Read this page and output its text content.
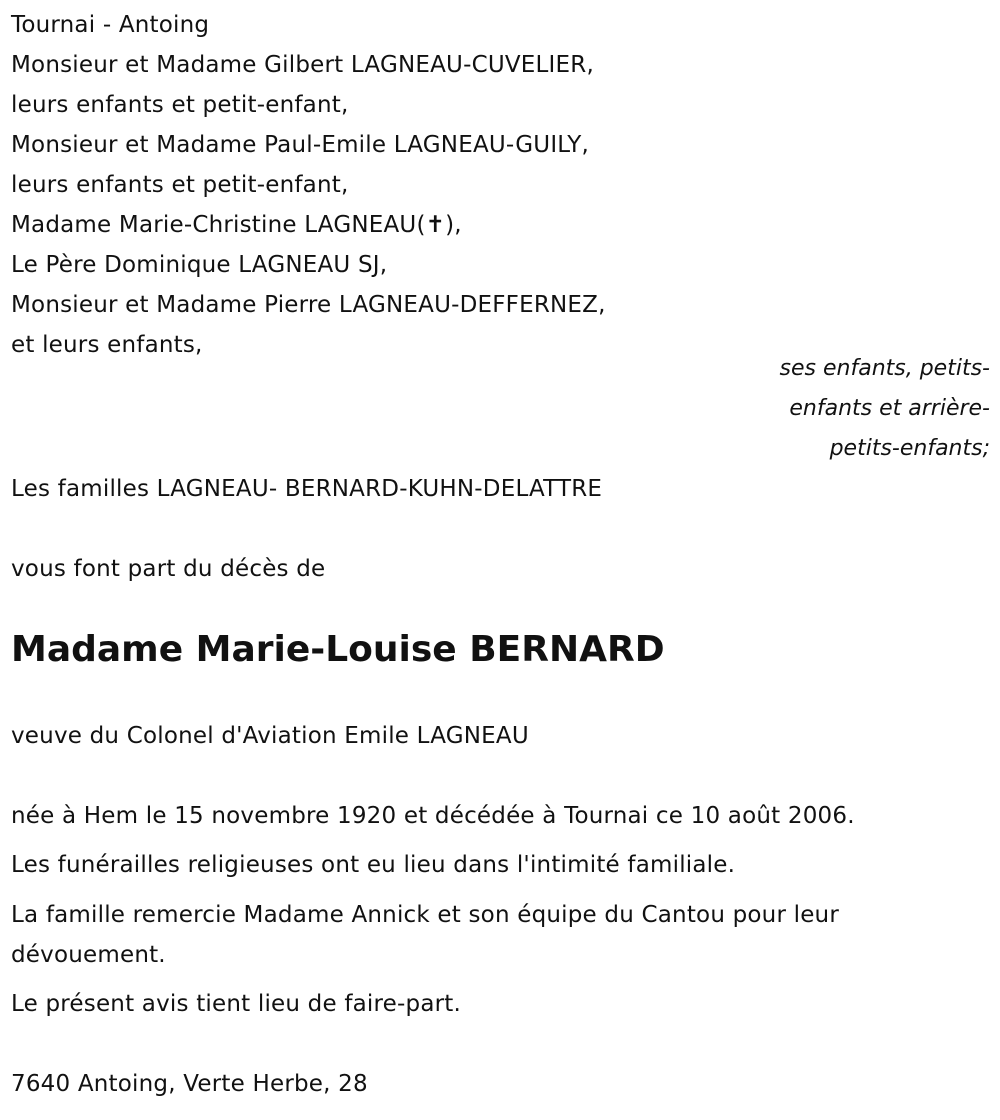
Tournai - Antoing
Monsieur et Madame Gilbert LAGNEAU-CUVELIER,
leurs enfants et petit-enfant,
Monsieur et Madame Paul-Emile LAGNEAU-GUILY,
leurs enfants et petit-enfant,
Madame Marie-Christine LAGNEAU(✝),
Le Père Dominique LAGNEAU SJ,
Monsieur et Madame Pierre LAGNEAU-DEFFERNEZ,
et leurs enfants,
ses enfants, petits-
enfants et arrière-
petits-enfants;
Les familles LAGNEAU- BERNARD-KUHN-DELATTRE
vous font part du décès de
Madame Marie-Louise BERNARD
veuve du Colonel d'Aviation Emile LAGNEAU
née à Hem le 15 novembre 1920 et décédée à Tournai ce 10 août 2006.
Les funérailles religieuses ont eu lieu dans l'intimité familiale.
La famille remercie Madame Annick et son équipe du Cantou pour leur dévouement.
Le présent avis tient lieu de faire-part.
7640 Antoing, Verte Herbe, 28
